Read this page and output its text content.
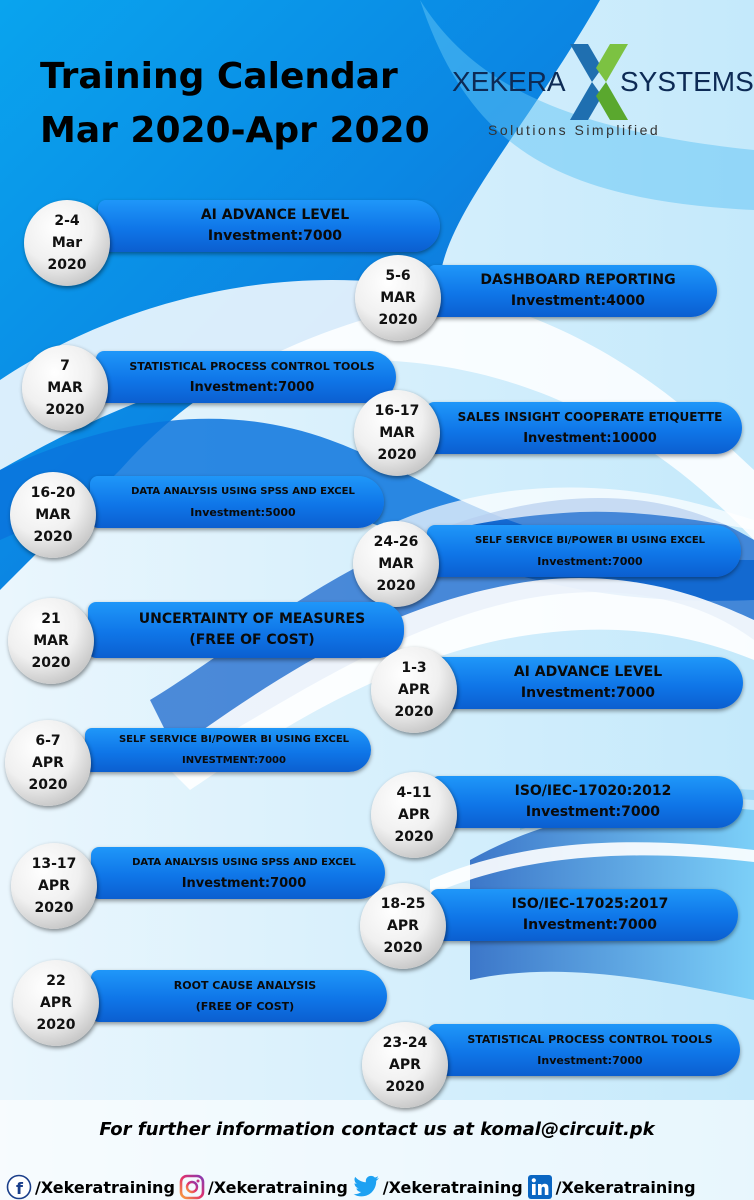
Training Calendar
Mar 2020-Apr 2020
XEKERA SYSTEMS
Solutions Simplified
AI ADVANCE LEVEL
Investment:7000
2-4
Mar
2020
DASHBOARD REPORTING
Investment:4000
5-6
MAR
2020
STATISTICAL PROCESS CONTROL TOOLS
Investment:7000
7
MAR
2020	SALES INSIGHT COOPERATE ETIQUETTE
Investment:10000
16-17
MAR
2020
DATA ANALYSIS USING SPSS AND EXCEL
Investment:5000
16-20
MAR
2020	SELF SERVICE BI/POWER BI USING EXCEL
Investment:7000
24-26
MAR
2020
UNCERTAINTY OF MEASURES
(FREE OF COST)
21
MAR
2020
AI ADVANCE LEVEL
Investment:7000
1-3
APR
2020
SELF SERVICE BI/POWER BI USING EXCEL
INVESTMENT:7000
6-7
APR
2020	ISO/IEC-17020:2012
Investment:7000
4-11
APR
2020
DATA ANALYSIS USING SPSS AND EXCEL
Investment:7000
13-17
APR
2020	ISO/IEC-17025:2017
Investment:7000
18-25
APR
2020
ROOT CAUSE ANALYSIS
(FREE OF COST)
22
APR
2020
STATISTICAL PROCESS CONTROL TOOLS
Investment:7000
23-24
APR
2020

For further information contact us at komal@circuit.pk

f /Xekeratraining /Xekeratraining /Xekeratraining /Xekeratraining
